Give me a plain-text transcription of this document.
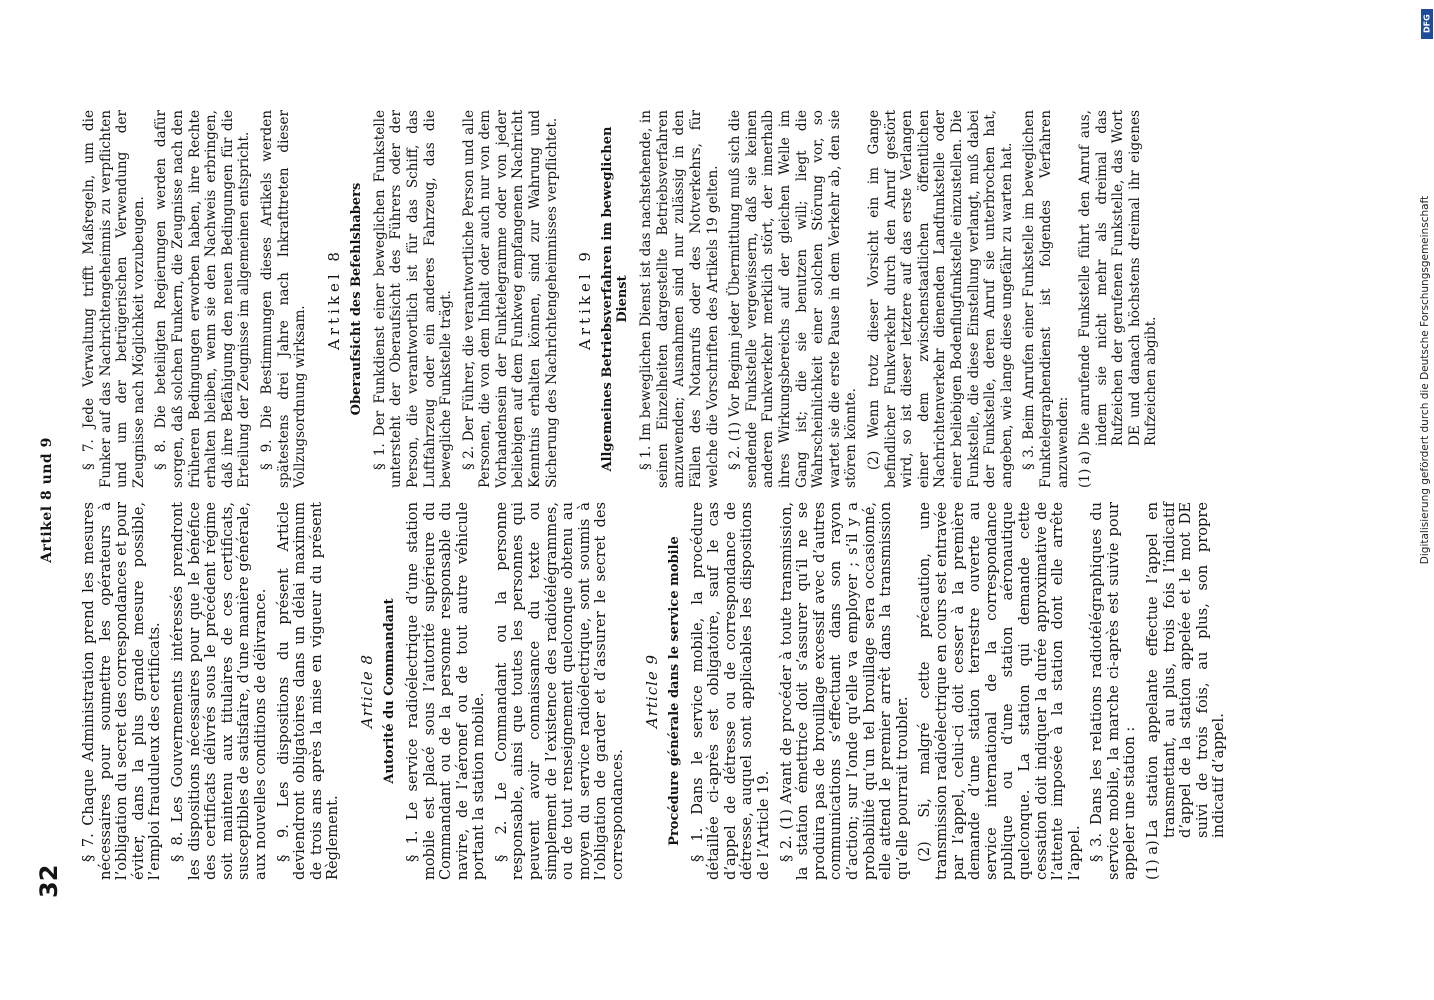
32
Artikel 8 und 9

§ 7. Chaque Administration prend les mesures nécessaires pour soumettre les opérateurs à l’obligation du secret des correspondances et pour éviter, dans la plus grande mesure possible, l’emploi frauduleux des certificats. § 8. Les Gouvernements intéressés prendront les dispositions nécessaires pour que le bénéfice des certificats délivrés sous le précédent régime soit maintenu aux titulaires de ces certificats, susceptibles de satisfaire, d’une manière générale, aux nouvelles conditions de délivrance. § 9. Les dispositions du présent Article deviendront obligatoires dans un délai maximum de trois ans après la mise en vigueur du présent Règlement.

Article 8 Autorité du Commandant § 1. Le service radioélectrique d’une station mobile est placé sous l’autorité supérieure du Commandant ou de la personne responsable du navire, de l’aéronef ou de tout autre véhicule portant la station mobile. § 2. Le Commandant ou la personne responsable, ainsi que toutes les personnes qui peuvent avoir connaissance du texte ou simplement de l’existence des radiotélégrammes, ou de tout renseignement quelconque obtenu au moyen du service radioélectrique, sont soumis à l’obligation de garder et d’assurer le secret des correspondances.

Article 9 Procédure générale dans le service mobile § 1. Dans le service mobile, la procédure détaillée ci-après est obligatoire, sauf le cas d’appel de détresse ou de correspondance de détresse, auquel sont applicables les dispositions de l’Article 19. § 2. (1) Avant de procéder à toute transmission, la station émettrice doit s’assurer qu’il ne se produira pas de brouillage excessif avec d’autres communications s’effectuant dans son rayon d’action; sur l’onde qu’elle va employer ; s’il y a probabilité qu’un tel brouillage sera occasionné, elle attend le premier arrêt dans la transmission qu’elle pourrait troubler. (2) Si, malgré cette précaution, une transmission radioélectrique en cours est entravée par l’appel, celui-ci doit cesser à la première demande d’une station terrestre ouverte au service international de la correspondance publique ou d’une station aéronautique quelconque. La station qui demande cette cessation doit indiquer la durée approximative de l’attente imposée à la station dont elle arrête l’appel. § 3. Dans les relations radiotélégraphiques du service mobile, la marche ci-après est suivie pour appeler une station : (1) a)
La station appelante effectue l’appel en transmettant, au plus, trois fois l’indicatif d’appel de la station appelée et le mot DE suivi de trois fois, au plus, son propre indicatif d’appel.

§ 7. Jede Verwaltung trifft Maßregeln, um die Funker auf das Nachrichtengeheimnis zu verpflichten und um der betrügerischen Verwendung der Zeugnisse nach Möglichkeit vorzubeugen. § 8. Die beteiligten Regierungen werden dafür sorgen, daß solchen Funkern, die Zeugnisse nach den früheren Bedingungen erworben haben, ihre Rechte erhalten bleiben, wenn sie den Nachweis erbringen, daß ihre Befähigung den neuen Bedingungen für die Erteilung der Zeugnisse im allgemeinen entspricht. § 9. Die Bestimmungen dieses Artikels werden spätestens drei Jahre nach Inkrafttreten dieser Vollzugsordnung wirksam.

Artikel 8 Oberaufsicht des Befehlshabers § 1. Der Funkdienst einer beweglichen Funkstelle untersteht der Oberaufsicht des Führers oder der Person, die verantwortlich ist für das Schiff, das Luftfahrzeug oder ein anderes Fahrzeug, das die bewegliche Funkstelle trägt. § 2. Der Führer, die verantwortliche Person und alle Personen, die von dem Inhalt oder auch nur von dem Vorhandensein der Funktelegramme oder von jeder beliebigen auf dem Funkweg empfangenen Nachricht Kenntnis erhalten können, sind zur Wahrung und Sicherung des Nachrichtengeheimnisses verpflichtet. Artikel 9 Allgemeines Betriebsverfahren im beweglichen Dienst § 1. Im beweglichen Dienst ist das nachstehende, in seinen Einzelheiten dargestellte Betriebsverfahren anzuwenden; Ausnahmen sind nur zulässig in den Fällen des Notanrufs oder des Notverkehrs, für welche die Vorschriften des Artikels 19 gelten. § 2. (1) Vor Beginn jeder Übermittlung muß sich die sendende Funkstelle vergewissern, daß sie keinen anderen Funkverkehr merklich stört, der innerhalb ihres Wirkungsbereichs auf der gleichen Welle im Gang ist; die sie benutzen will; liegt die Wahrscheinlichkeit einer solchen Störung vor, so wartet sie die erste Pause in dem Verkehr ab, den sie stören könnte. (2) Wenn trotz dieser Vorsicht ein im Gange befindlicher Funkverkehr durch den Anruf gestört wird, so ist dieser letztere auf das erste Verlangen einer dem zwischenstaatlichen öffentlichen Nachrichtenverkehr dienenden Landfunkstelle oder einer beliebigen Bodenflugfunkstelle einzustellen. Die Funkstelle, die diese Einstellung verlangt, muß dabei der Funkstelle, deren Anruf sie unterbrochen hat, angeben, wie lange diese ungefähr zu warten hat. § 3. Beim Anrufen einer Funkstelle im beweglichen Funktelegraphendienst ist folgendes Verfahren anzuwenden: (1) a)
Die anrufende Funkstelle führt den Anruf aus, indem sie nicht mehr als dreimal das Rufzeichen der gerufenen Funkstelle, das Wort DE und danach höchstens dreimal ihr eigenes Rufzeichen abgibt.	Digitalisierung gefördert durch die Deutsche Forschungsgemeinschaft
DFG
